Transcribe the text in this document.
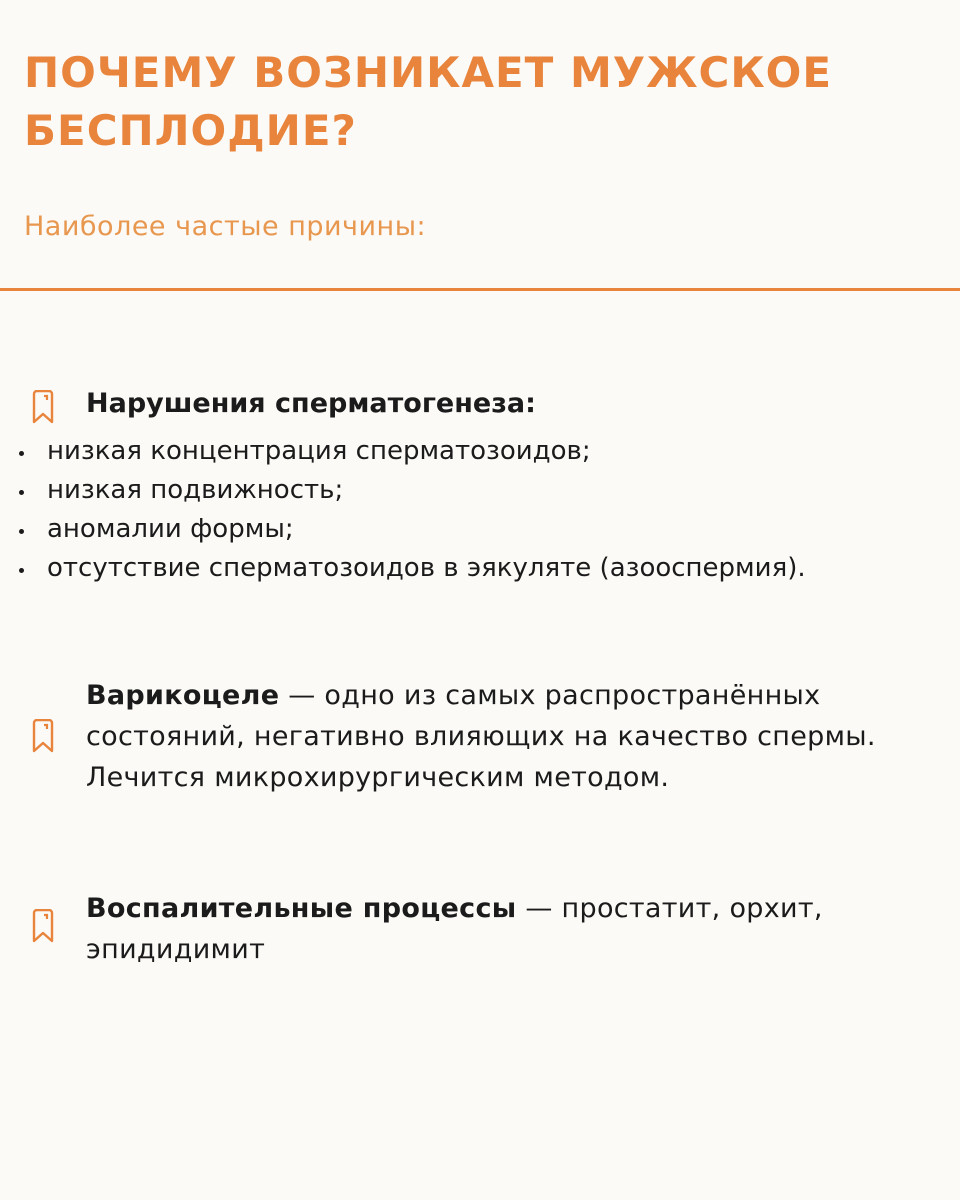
ПОЧЕМУ ВОЗНИКАЕТ МУЖСКОЕ
БЕСПЛОДИЕ?
Наиболее частые причины:
Нарушения сперматогенеза:
низкая концентрация сперматозоидов;
низкая подвижность;
аномалии формы;
отсутствие сперматозоидов в эякуляте (азооспермия).
Варикоцеле — одно из самых распространённых состояний, негативно влияющих на качество спермы. Лечится микрохирургическим методом.
Воспалительные процессы — простатит, орхит, эпидидимит
